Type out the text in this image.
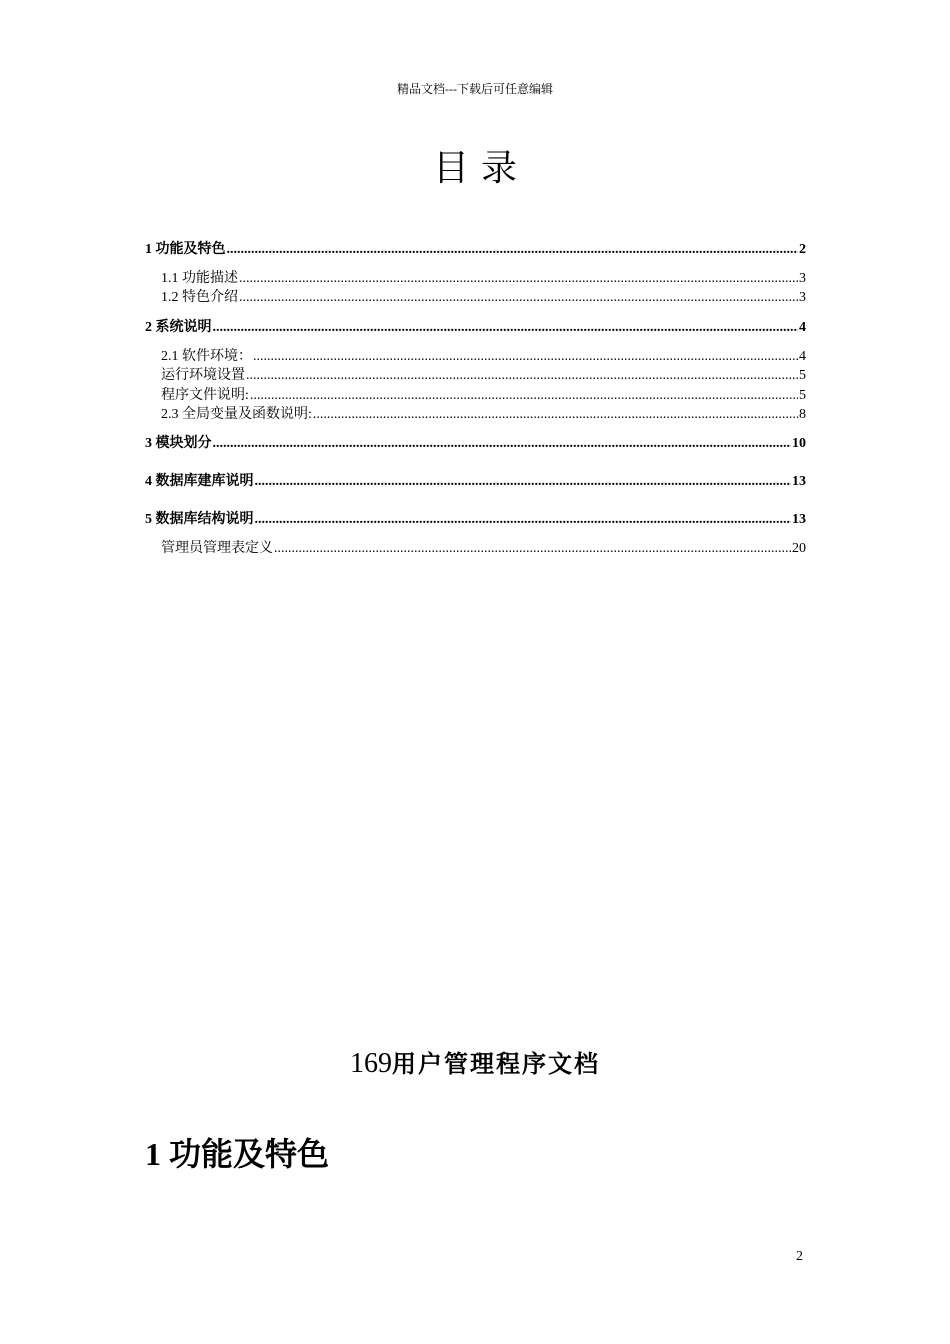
精品文档---下载后可任意编辑
目录
1 功能及特色 .....	2
1.1 功能描述 .....	3
1.2 特色介绍 .....	3
2 系统说明 .....	4
2.1 软件环境： .....	4
运行环境设置 .....	5
程序文件说明: .....	5
2.3 全局变量及函数说明: .....	8
3 模块划分 .....	10
4 数据库建库说明 .....	13
5 数据库结构说明 .....	13
管理员管理表定义 .....	20
169用户管理程序文档
1 功能及特色
2
